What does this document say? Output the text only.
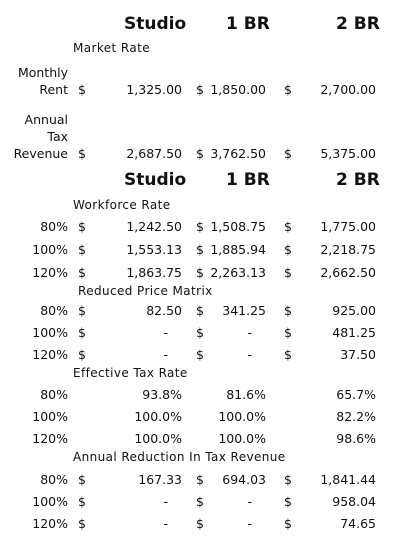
Studio 1 BR	2 BR
Market Rate
Monthly
Rent $	1,325.00 $ 1,850.00 $ 2,700.00
Annual
Tax
Revenue $	2,687.50 $ 3,762.50 $ 5,375.00
Studio 1 BR	2 BR
Workforce Rate
80% $	1,242.50 $ 1,508.75 $ 1,775.00
100% $	1,553.13 $ 1,885.94 $ 2,218.75
120% $	1,863.75 $ 2,263.13 $ 2,662.50
Reduced Price Matrix
80% $	82.50 $ 341.25 $	925.00
100% $	- $	-	$	481.25
120% $	- $	-	$	37.50
Effective Tax Rate
80%	93.8%	81.6%	65.7%
100%	100.0%	100.0%	82.2%
120%	100.0%	100.0%	98.6%
Annual Reduction In Tax Revenue
80% $	167.33 $ 694.03 $ 1,841.44
100% $	- $	-	$	958.04
120% $	- $	-	$	74.65
